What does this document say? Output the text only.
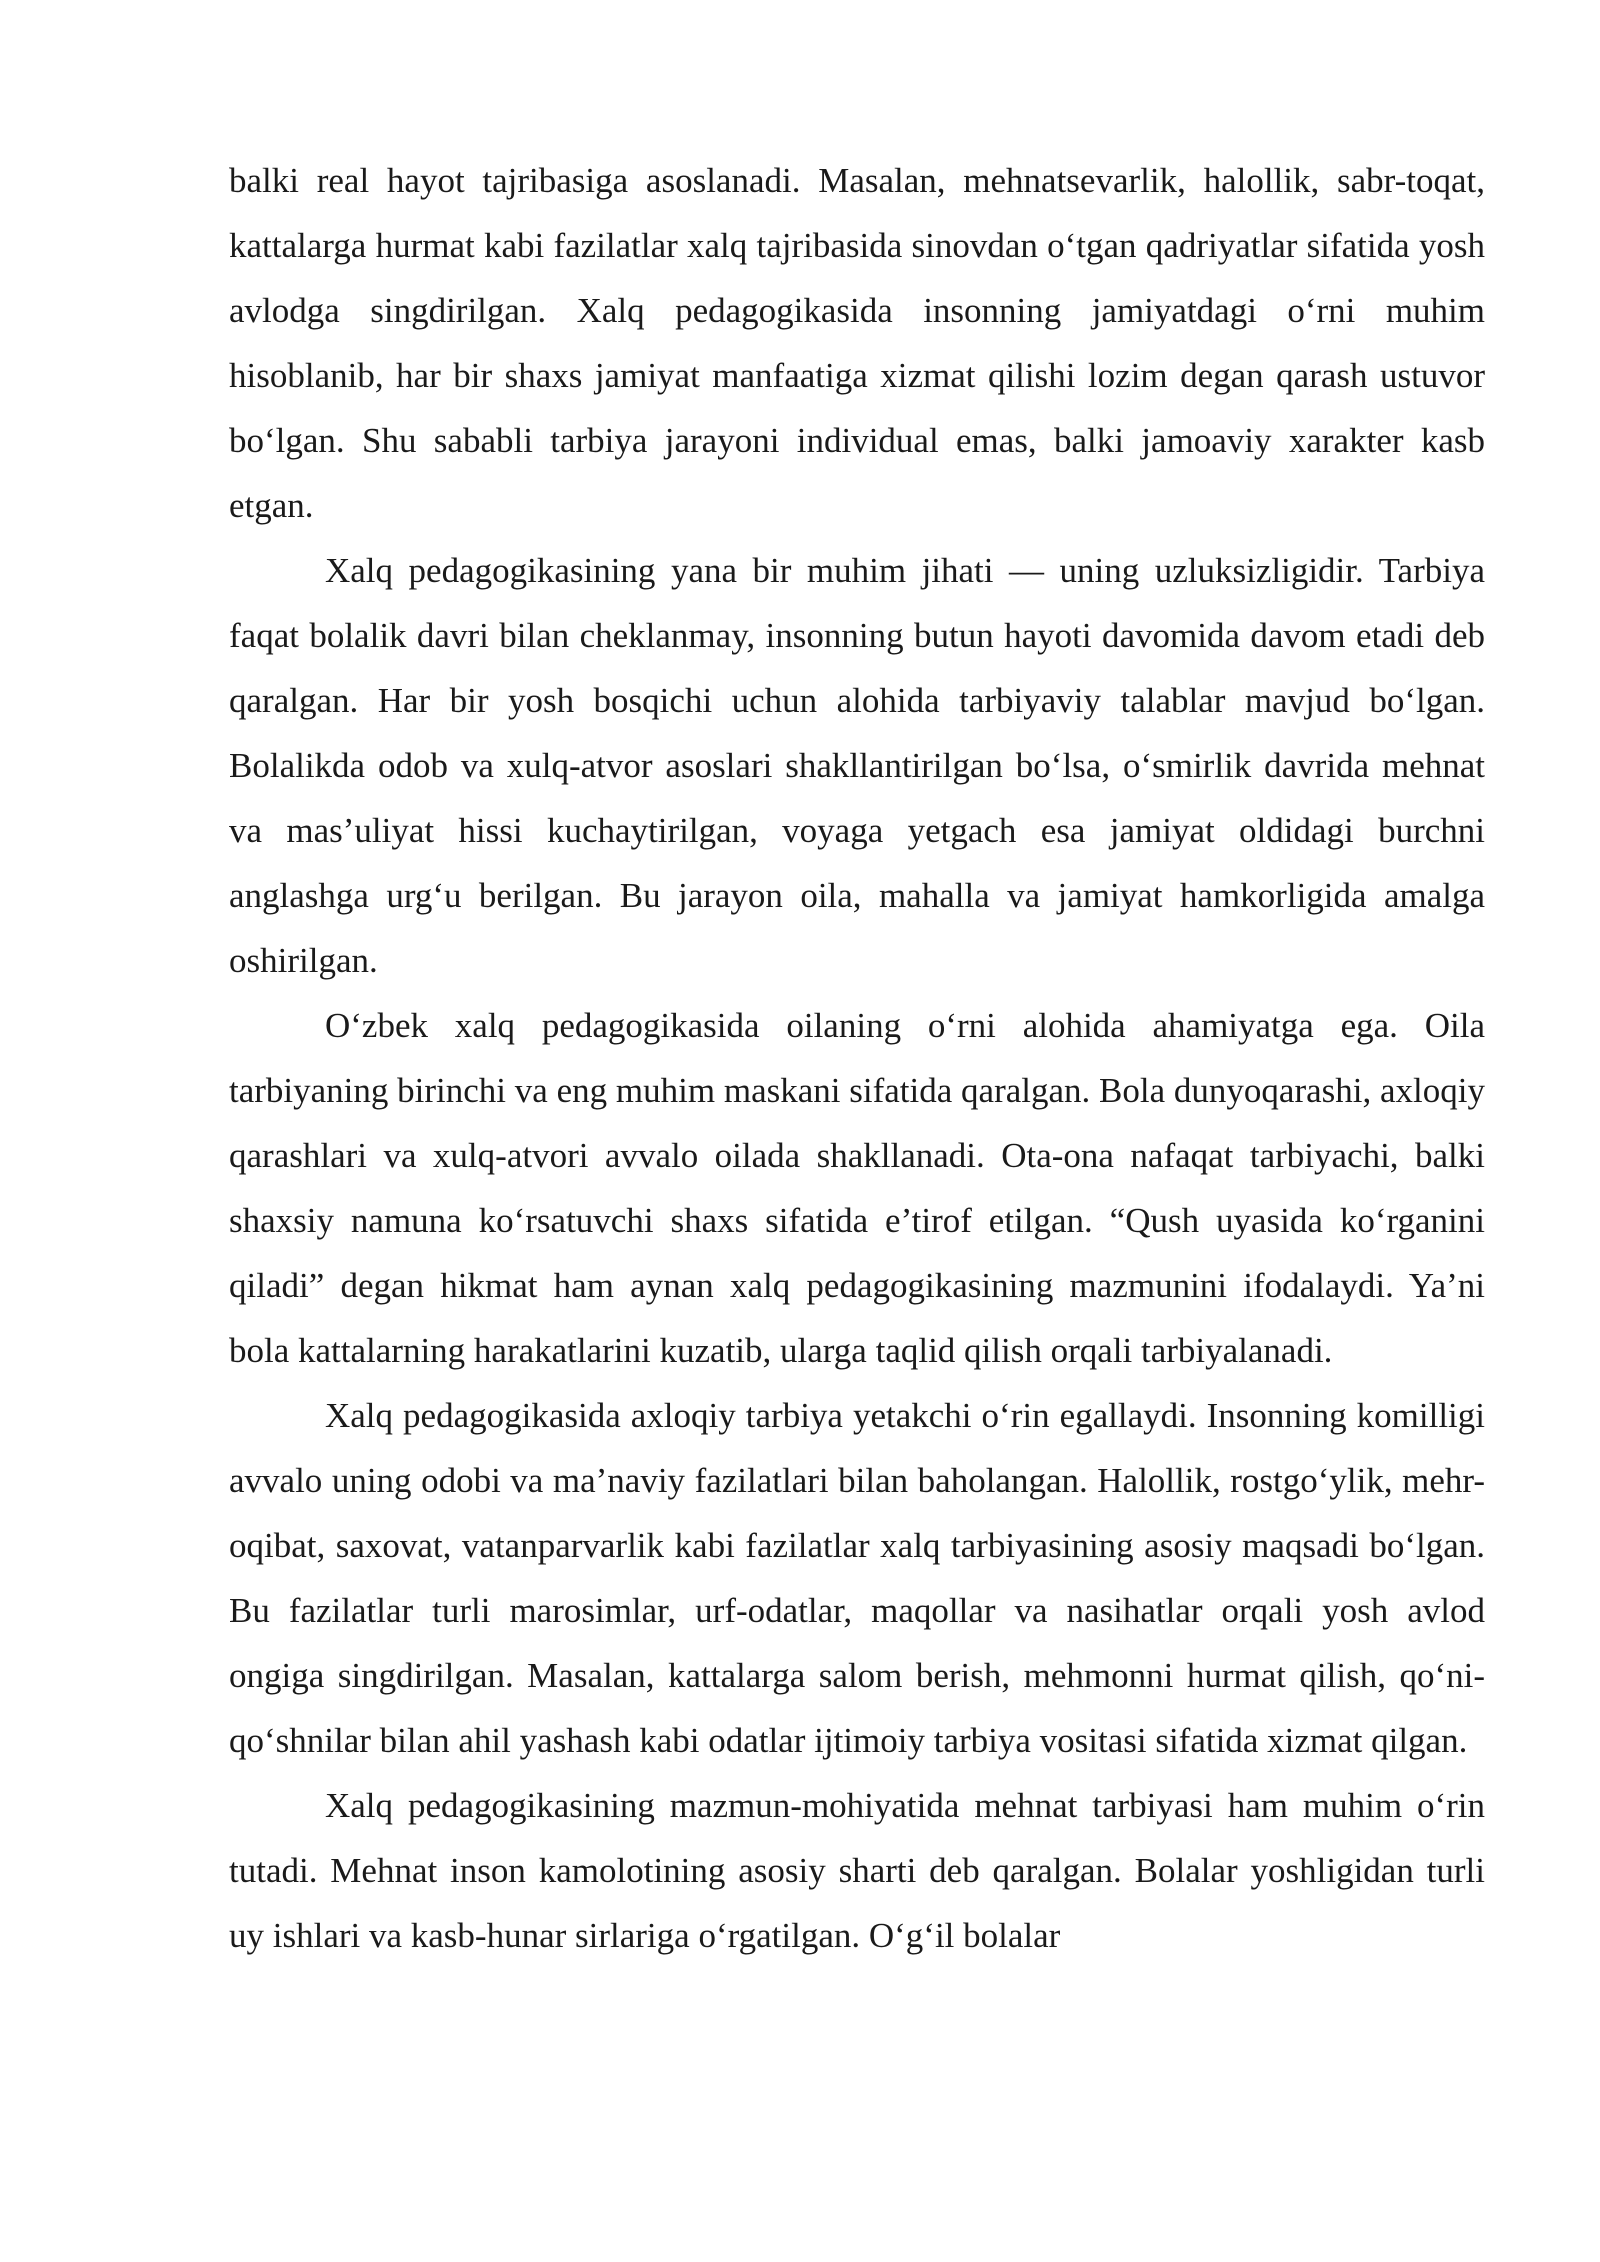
balki real hayot tajribasiga asoslanadi. Masalan, mehnatsevarlik, halollik, sabr-toqat, kattalarga hurmat kabi fazilatlar xalq tajribasida sinovdan o‘tgan qadriyatlar sifatida yosh avlodga singdirilgan. Xalq pedagogikasida insonning jamiyatdagi o‘rni muhim hisoblanib, har bir shaxs jamiyat manfaatiga xizmat qilishi lozim degan qarash ustuvor bo‘lgan. Shu sababli tarbiya jarayoni individual emas, balki jamoaviy xarakter kasb etgan.

Xalq pedagogikasining yana bir muhim jihati — uning uzluksizligidir. Tarbiya faqat bolalik davri bilan cheklanmay, insonning butun hayoti davomida davom etadi deb qaralgan. Har bir yosh bosqichi uchun alohida tarbiyaviy talablar mavjud bo‘lgan. Bolalikda odob va xulq-atvor asoslari shakllantirilgan bo‘lsa, o‘smirlik davrida mehnat va mas’uliyat hissi kuchaytirilgan, voyaga yetgach esa jamiyat oldidagi burchni anglashga urg‘u berilgan. Bu jarayon oila, mahalla va jamiyat hamkorligida amalga oshirilgan.

O‘zbek xalq pedagogikasida oilaning o‘rni alohida ahamiyatga ega. Oila tarbiyaning birinchi va eng muhim maskani sifatida qaralgan. Bola dunyoqarashi, axloqiy qarashlari va xulq-atvori avvalo oilada shakllanadi. Ota-ona nafaqat tarbiyachi, balki shaxsiy namuna ko‘rsatuvchi shaxs sifatida e’tirof etilgan. “Qush uyasida ko‘rganini qiladi” degan hikmat ham aynan xalq pedagogikasining mazmunini ifodalaydi. Ya’ni bola kattalarning harakatlarini kuzatib, ularga taqlid qilish orqali tarbiyalanadi.

Xalq pedagogikasida axloqiy tarbiya yetakchi o‘rin egallaydi. Insonning komilligi avvalo uning odobi va ma’naviy fazilatlari bilan baholangan. Halollik, rostgo‘ylik, mehr-oqibat, saxovat, vatanparvarlik kabi fazilatlar xalq tarbiyasining asosiy maqsadi bo‘lgan. Bu fazilatlar turli marosimlar, urf-odatlar, maqollar va nasihatlar orqali yosh avlod ongiga singdirilgan. Masalan, kattalarga salom berish, mehmonni hurmat qilish, qo‘ni-qo‘shnilar bilan ahil yashash kabi odatlar ijtimoiy tarbiya vositasi sifatida xizmat qilgan.

Xalq pedagogikasining mazmun-mohiyatida mehnat tarbiyasi ham muhim o‘rin tutadi. Mehnat inson kamolotining asosiy sharti deb qaralgan. Bolalar yoshligidan turli uy ishlari va kasb-hunar sirlariga o‘rgatilgan. O‘g‘il bolalar
